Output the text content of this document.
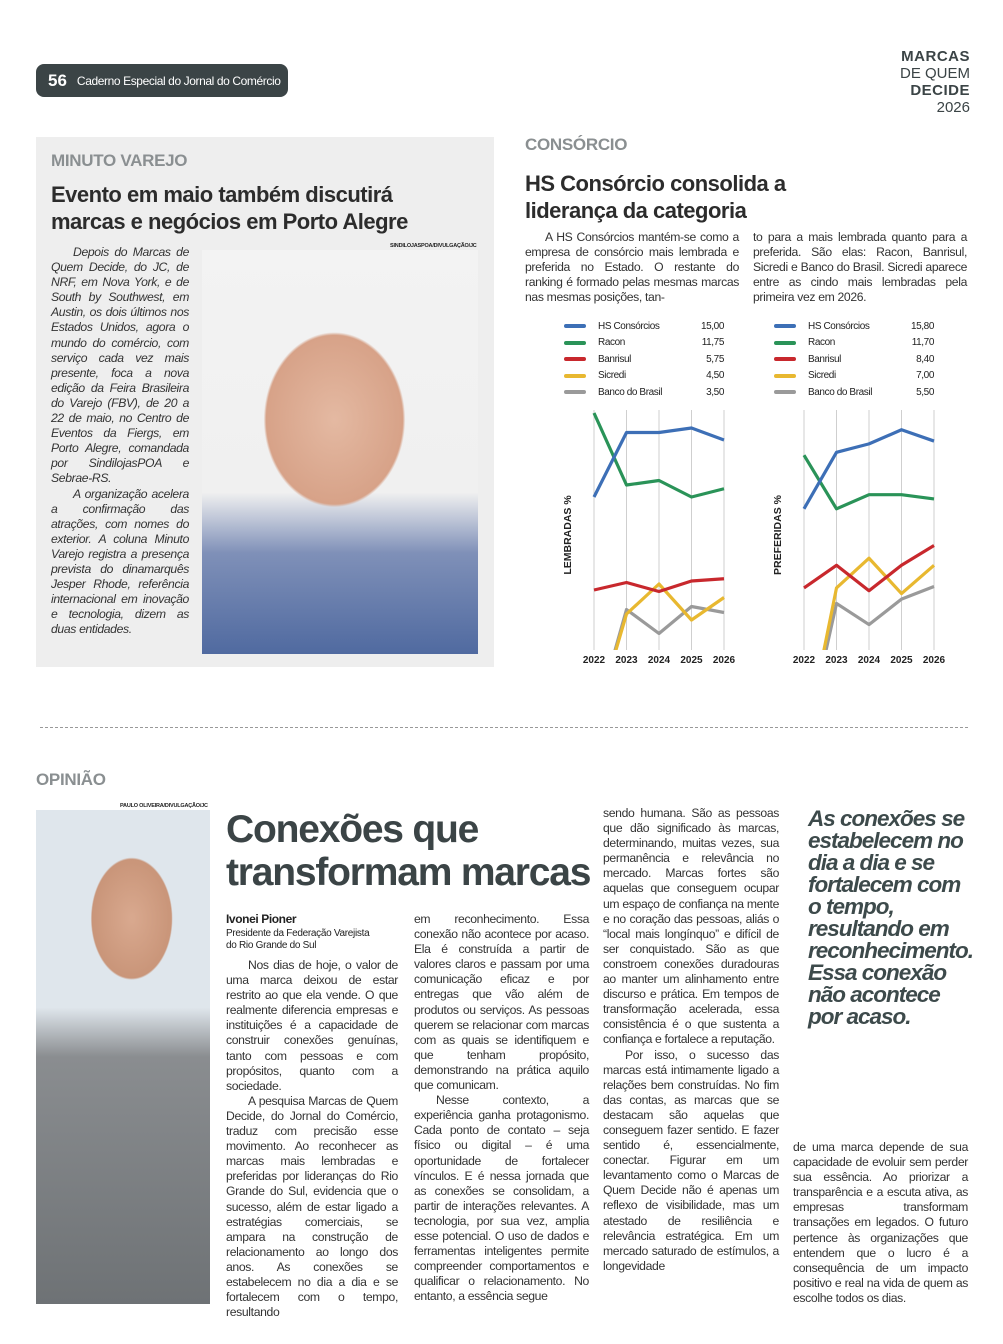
56 Caderno Especial do Jornal do Comércio
MARCAS
DE QUEM
DECIDE
2026
MINUTO VAREJO
Evento em maio também discutirá marcas e negócios em Porto Alegre

Depois do Marcas de Quem Decide, do JC, de NRF, em Nova York, e de South by Southwest, em Austin, os dois últimos nos Estados Unidos, agora o mundo do comércio, com serviço cada vez mais presente, foca a nova edição da Feira Brasileira do Varejo (FBV), de 20 a 22 de maio, no Centro de Eventos da Fiergs, em Porto Alegre, comandada por SindilojasPOA e Sebrae-RS.

A organização acelera a confirmação das atrações, com nomes do exterior. A coluna Minuto Varejo registra a presença prevista do dinamarquês Jesper Rhode, referência internacional em inovação e tecnologia, dizem as duas entidades.

SINDILOJASPOA/DIVULGAÇÃO/JC
CONSÓRCIO
HS Consórcio consolida a liderança da categoria
A HS Consórcios mantém-se como a empresa de consórcio mais lembrada e preferida no Estado. O restante do ranking é formado pelas mesmas marcas nas mesmas posições, tan-
to para a mais lembrada quanto para a preferida. São elas: Racon, Banrisul, Sicredi e Banco do Brasil. Sicredi aparece entre as cindo mais lembradas pela primeira vez em 2026.
HS Consórcios	15,00
Racon	11,75
Banrisul	5,75
Sicredi	4,50
Banco do Brasil	3,50
HS Consórcios	15,80
Racon	11,70
Banrisul	8,40
Sicredi	7,00
Banco do Brasil	5,50
2022 2023 2024 2025 2026
LEMBRADAS %
2022 2023 2024 2025 2026
PREFERIDAS %
OPINIÃO
PAULO OLIVEIRA/DIVULGAÇÃO/JC
Conexões que
transformam marcas
Ivonei Pioner
Presidente da Federação Varejista do Rio Grande do Sul

Nos dias de hoje, o valor de uma marca deixou de estar restrito ao que ela vende. O que realmente diferencia empresas e instituições é a capacidade de construir conexões genuínas, tanto com pessoas e com propósitos, quanto com a sociedade.

A pesquisa Marcas de Quem Decide, do Jornal do Comércio, traduz com precisão esse movimento. Ao reconhecer as marcas mais lembradas e preferidas por lideranças do Rio Grande do Sul, evidencia que o sucesso, além de estar ligado a estratégias comerciais, se ampara na construção de relacionamento ao longo dos anos. As conexões se estabelecem no dia a dia e se fortalecem com o tempo, resultando

em reconhecimento. Essa conexão não acontece por acaso. Ela é construída a partir de valores claros e passam por uma comunicação eficaz e por entregas que vão além de produtos ou serviços. As pessoas querem se relacionar com marcas com as quais se identifiquem e que tenham propósito, demonstrando na prática aquilo que comunicam.

Nesse contexto, a experiência ganha protagonismo. Cada ponto de contato – seja físico ou digital – é uma oportunidade de fortalecer vínculos. E é nessa jornada que as conexões se consolidam, a partir de interações relevantes. A tecnologia, por sua vez, amplia esse potencial. O uso de dados e ferramentas inteligentes permite compreender comportamentos e qualificar o relacionamento. No entanto, a essência segue

sendo humana. São as pessoas que dão significado às marcas, determinando, muitas vezes, sua permanência e relevância no mercado. Marcas fortes são aquelas que conseguem ocupar um espaço de confiança na mente e no coração das pessoas, aliás o “local mais longínquo” e difícil de ser conquistado. São as que constroem conexões duradouras ao manter um alinhamento entre discurso e prática. Em tempos de transformação acelerada, essa consistência é o que sustenta a confiança e fortalece a reputação.

Por isso, o sucesso das marcas está intimamente ligado a relações bem construídas. No fim das contas, as marcas que se destacam são aquelas que conseguem fazer sentido. E fazer sentido é, essencialmente, conectar. Figurar em um levantamento como o Marcas de Quem Decide não é apenas um reflexo de visibilidade, mas um atestado de resiliência e relevância estratégica. Em um mercado saturado de estímulos, a longevidade

de uma marca depende de sua capacidade de evoluir sem perder sua essência. Ao priorizar a transparência e a escuta ativa, as empresas transformam transações em legados. O futuro pertence às organizações que entendem que o lucro é a consequência de um impacto positivo e real na vida de quem as escolhe todos os dias.
As conexões se estabelecem no dia a dia e se fortalecem com o tempo, resultando em reconhecimento. Essa conexão não acontece por acaso.
